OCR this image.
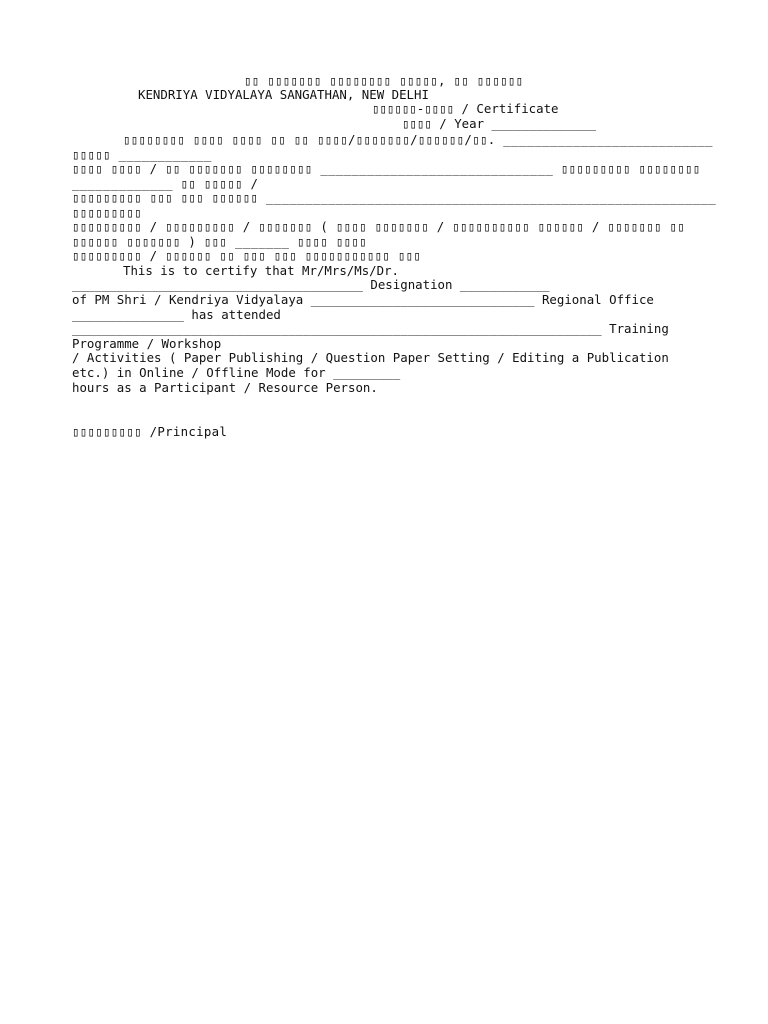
▯▯ ▯▯▯▯▯▯▯ ▯▯▯▯▯▯▯▯ ▯▯▯▯▯, ▯▯ ▯▯▯▯▯▯
KENDRIYA VIDYALAYA SANGATHAN, NEW DELHI
▯▯▯▯▯▯-▯▯▯▯ / Certificate
▯▯▯▯ / Year ______________
▯▯▯▯▯▯▯▯ ▯▯▯▯ ▯▯▯▯ ▯▯ ▯▯ ▯▯▯▯/▯▯▯▯▯▯▯/▯▯▯▯▯▯/▯▯. ___________________________
▯▯▯▯▯ ____________
▯▯▯▯ ▯▯▯▯ / ▯▯ ▯▯▯▯▯▯▯ ▯▯▯▯▯▯▯▯ ______________________________ ▯▯▯▯▯▯▯▯▯ ▯▯▯▯▯▯▯▯
_____________ ▯▯ ▯▯▯▯▯ /
▯▯▯▯▯▯▯▯▯ ▯▯▯ ▯▯▯ ▯▯▯▯▯▯ __________________________________________________________
▯▯▯▯▯▯▯▯▯
▯▯▯▯▯▯▯▯▯ / ▯▯▯▯▯▯▯▯▯ / ▯▯▯▯▯▯▯ ( ▯▯▯▯ ▯▯▯▯▯▯▯ / ▯▯▯▯▯▯▯▯▯▯ ▯▯▯▯▯▯ / ▯▯▯▯▯▯▯ ▯▯
▯▯▯▯▯▯ ▯▯▯▯▯▯▯ ) ▯▯▯ _______ ▯▯▯▯ ▯▯▯▯
▯▯▯▯▯▯▯▯▯ / ▯▯▯▯▯▯ ▯▯ ▯▯▯ ▯▯▯ ▯▯▯▯▯▯▯▯▯▯▯ ▯▯▯
This is to certify that Mr/Mrs/Ms/Dr.
_______________________________________ Designation ____________
of PM Shri / Kendriya Vidyalaya ______________________________ Regional Office
_______________ has attended
_______________________________________________________________________ Training
Programme / Workshop
/ Activities ( Paper Publishing / Question Paper Setting / Editing a Publication
etc.) in Online / Offline Mode for _________
hours as a Participant / Resource Person.
▯▯▯▯▯▯▯▯▯ /Principal
